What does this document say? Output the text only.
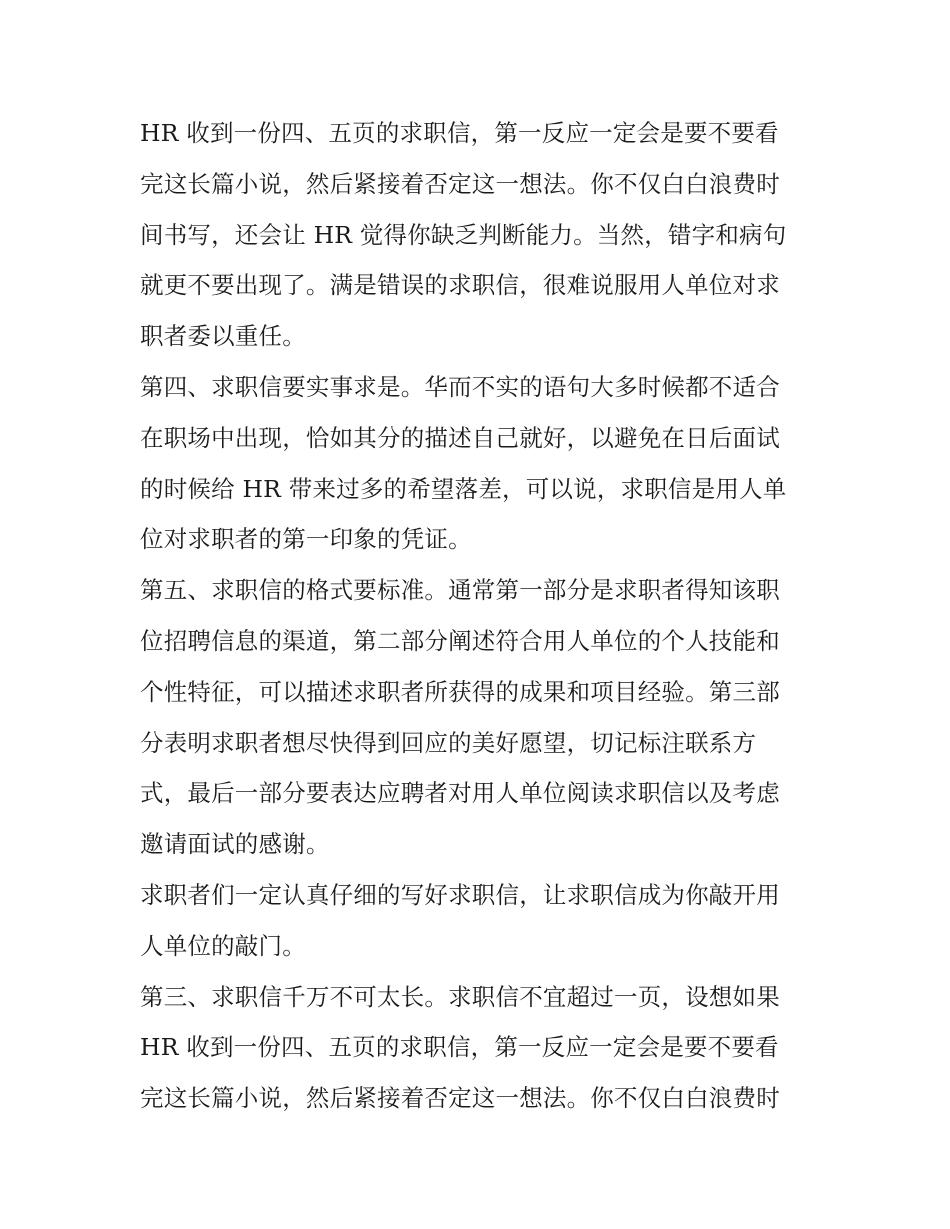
HR 收到一份四、五页的求职信，第一反应一定会是要不要看
完这长篇小说，然后紧接着否定这一想法。你不仅白白浪费时
间书写，还会让 HR 觉得你缺乏判断能力。当然，错字和病句
就更不要出现了。满是错误的求职信，很难说服用人单位对求
职者委以重任。
第四、求职信要实事求是。华而不实的语句大多时候都不适合
在职场中出现，恰如其分的描述自己就好，以避免在日后面试
的时候给 HR 带来过多的希望落差，可以说，求职信是用人单
位对求职者的第一印象的凭证。
第五、求职信的格式要标准。通常第一部分是求职者得知该职
位招聘信息的渠道，第二部分阐述符合用人单位的个人技能和
个性特征，可以描述求职者所获得的成果和项目经验。第三部
分表明求职者想尽快得到回应的美好愿望，切记标注联系方
式，最后一部分要表达应聘者对用人单位阅读求职信以及考虑
邀请面试的感谢。
求职者们一定认真仔细的写好求职信，让求职信成为你敲开用
人单位的敲门。
第三、求职信千万不可太长。求职信不宜超过一页，设想如果
HR 收到一份四、五页的求职信，第一反应一定会是要不要看
完这长篇小说，然后紧接着否定这一想法。你不仅白白浪费时
